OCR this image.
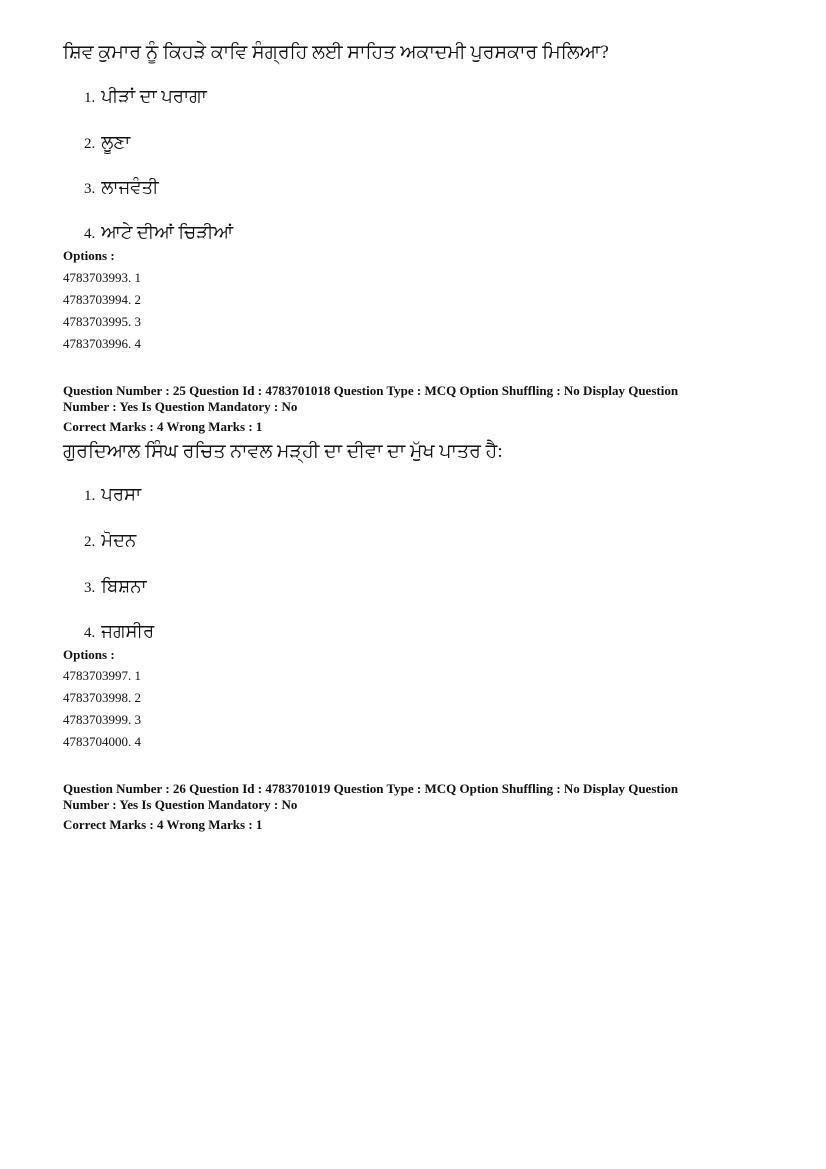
ਸ਼ਿਵ ਕੁਮਾਰ ਨੂੰ ਕਿਹੜੇ ਕਾਵਿ ਸੰਗ੍ਰਹਿ ਲਈ ਸਾਹਿਤ ਅਕਾਦਮੀ ਪੁਰਸਕਾਰ ਮਿਲਿਆ?
1. ਪੀੜਾਂ ਦਾ ਪਰਾਗਾ
2. ਲੂਣਾ
3. ਲਾਜਵੰਤੀ
4. ਆਟੇ ਦੀਆਂ ਚਿੜੀਆਂ
Options :
4783703993. 1
4783703994. 2
4783703995. 3
4783703996. 4
Question Number : 25 Question Id : 4783701018 Question Type : MCQ Option Shuffling : No Display Question
Number : Yes Is Question Mandatory : No
Correct Marks : 4 Wrong Marks : 1
ਗੁਰਦਿਆਲ ਸਿੰਘ ਰਚਿਤ ਨਾਵਲ ਮੜ੍ਹੀ ਦਾ ਦੀਵਾ ਦਾ ਮੁੱਖ ਪਾਤਰ ਹੈ:
1. ਪਰਸਾ
2. ਮੋਦਨ
3. ਬਿਸ਼ਨਾ
4. ਜਗਸੀਰ
Options :
4783703997. 1
4783703998. 2
4783703999. 3
4783704000. 4
Question Number : 26 Question Id : 4783701019 Question Type : MCQ Option Shuffling : No Display Question
Number : Yes Is Question Mandatory : No
Correct Marks : 4 Wrong Marks : 1
